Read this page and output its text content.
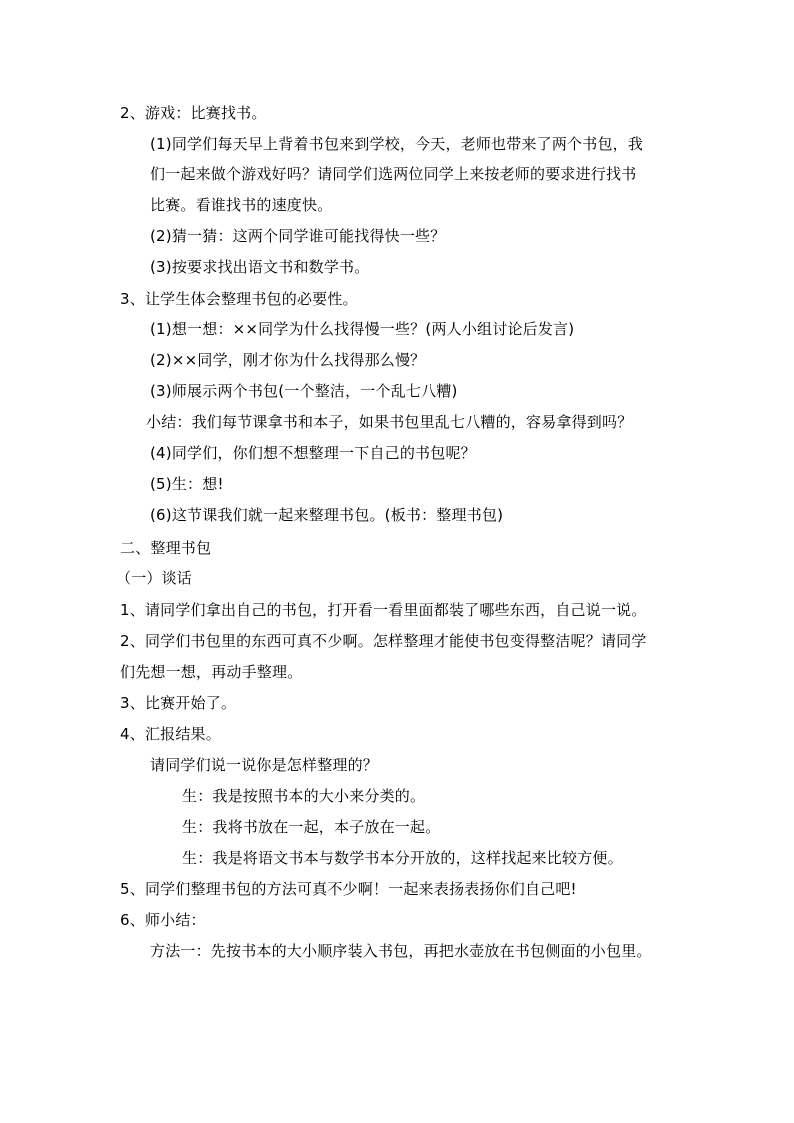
2、游戏：比赛找书。
(1)同学们每天早上背着书包来到学校，今天，老师也带来了两个书包，我
们一起来做个游戏好吗？请同学们选两位同学上来按老师的要求进行找书
比赛。看谁找书的速度快。
(2)猜一猜：这两个同学谁可能找得快一些？
(3)按要求找出语文书和数学书。
3、让学生体会整理书包的必要性。
(1)想一想：××同学为什么找得慢一些？(两人小组讨论后发言)
(2)××同学，刚才你为什么找得那么慢？
(3)师展示两个书包(一个整洁，一个乱七八糟)
小结：我们每节课拿书和本子，如果书包里乱七八糟的，容易拿得到吗？
(4)同学们，你们想不想整理一下自己的书包呢？
(5)生：想!
(6)这节课我们就一起来整理书包。(板书：整理书包)
二、整理书包
（一）谈话
1、请同学们拿出自己的书包，打开看一看里面都装了哪些东西，自己说一说。
2、同学们书包里的东西可真不少啊。怎样整理才能使书包变得整洁呢？请同学
们先想一想，再动手整理。
3、比赛开始了。
4、汇报结果。
请同学们说一说你是怎样整理的？
生：我是按照书本的大小来分类的。
生：我将书放在一起，本子放在一起。
生：我是将语文书本与数学书本分开放的，这样找起来比较方便。
5、同学们整理书包的方法可真不少啊！一起来表扬表扬你们自己吧!
6、师小结：
方法一：先按书本的大小顺序装入书包，再把水壶放在书包侧面的小包里。
